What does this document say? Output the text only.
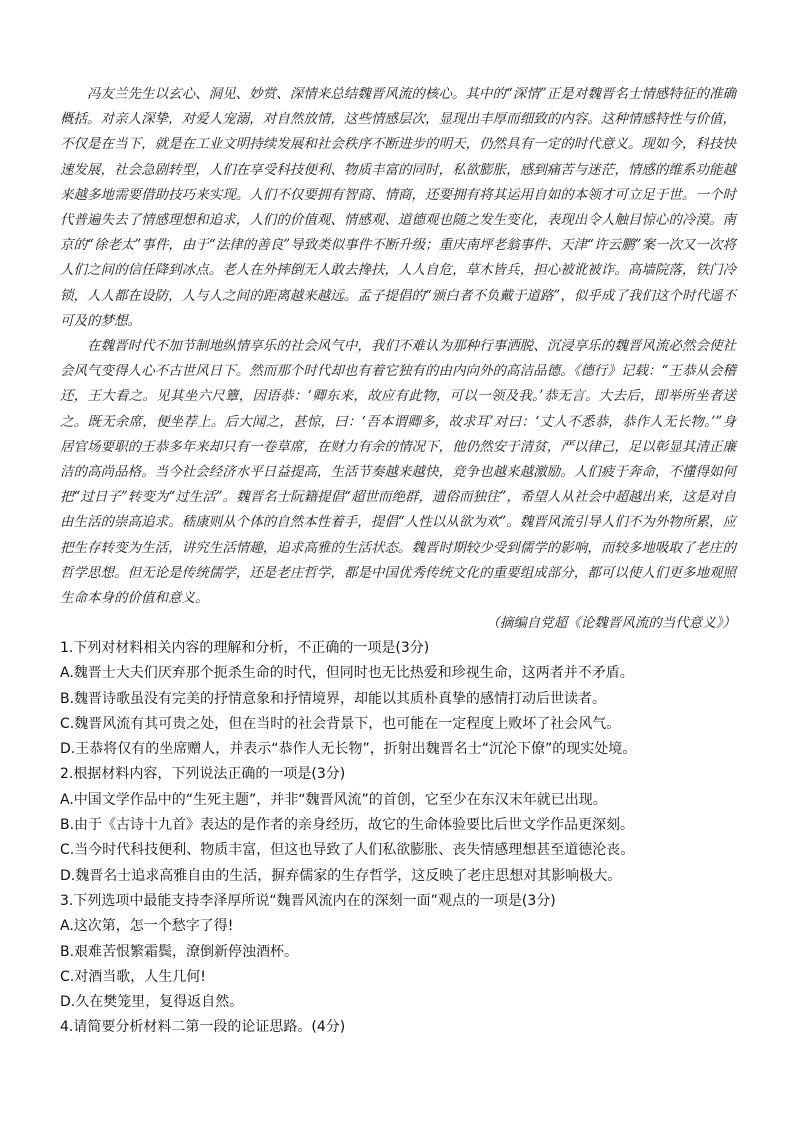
冯友兰先生以玄心、洞见、妙赏、深情来总结魏晋风流的核心。其中的“深情”正是对魏晋名士情感特征的准确概括。对亲人深挚，对爱人宠溺，对自然放情，这些情感层次，显现出丰厚而细致的内容。这种情感特性与价值，不仅是在当下，就是在工业文明持续发展和社会秩序不断进步的明天，仍然具有一定的时代意义。现如今，科技快速发展，社会急剧转型，人们在享受科技便利、物质丰富的同时，私欲膨胀，感到痛苦与迷茫，情感的维系功能越来越多地需要借助技巧来实现。人们不仅要拥有智商、情商，还要拥有将其运用自如的本领才可立足于世。一个时代普遍失去了情感理想和追求，人们的价值观、情感观、道德观也随之发生变化，表现出令人触目惊心的冷漠。南京的“徐老太”事件，由于“法律的善良”导致类似事件不断升级；重庆南坪老翁事件、天津“许云鹏”案一次又一次将人们之间的信任降到冰点。老人在外摔倒无人敢去搀扶，人人自危，草木皆兵，担心被讹被诈。高墙院落，铁门冷锁，人人都在设防，人与人之间的距离越来越远。孟子提倡的“颁白者不负戴于道路”，似乎成了我们这个时代遥不可及的梦想。

在魏晋时代不加节制地纵情享乐的社会风气中，我们不难认为那种行事洒脱、沉浸享乐的魏晋风流必然会使社会风气变得人心不古世风日下。然而那个时代却也有着它独有的由内向外的高洁品德。《德行》记载：“王恭从会稽还，王大看之。见其坐六尺簟，因语恭：‘卿东来，故应有此物，可以一领及我。’恭无言。大去后，即举所坐者送之。既无余席，便坐荐上。后大闻之，甚惊，曰：‘吾本谓卿多，故求耳’对曰：‘丈人不悉恭，恭作人无长物。’”身居官场要职的王恭多年来却只有一卷草席，在财力有余的情况下，他仍然安于清贫，严以律己，足以彰显其清正廉洁的高尚品格。当今社会经济水平日益提高，生活节奏越来越快，竞争也越来越激励。人们疲于奔命，不懂得如何把“过日子”转变为“过生活”。魏晋名士阮籍提倡“超世而绝群，遗俗而独往”，希望人从社会中超越出来，这是对自由生活的崇高追求。嵇康则从个体的自然本性着手，提倡“人性以从欲为欢”。魏晋风流引导人们不为外物所累，应把生存转变为生活，讲究生活情趣，追求高雅的生活状态。魏晋时期较少受到儒学的影响，而较多地吸取了老庄的哲学思想。但无论是传统儒学，还是老庄哲学，都是中国优秀传统文化的重要组成部分，都可以使人们更多地观照生命本身的价值和意义。

（摘编自党超《论魏晋风流的当代意义》）
1.下列对材料相关内容的理解和分析，不正确的一项是(3分)
A.魏晋士大夫们厌弃那个扼杀生命的时代，但同时也无比热爱和珍视生命，这两者并不矛盾。
B.魏晋诗歌虽没有完美的抒情意象和抒情境界，却能以其质朴真挚的感情打动后世读者。
C.魏晋风流有其可贵之处，但在当时的社会背景下，也可能在一定程度上败坏了社会风气。
D.王恭将仅有的坐席赠人，并表示“恭作人无长物”，折射出魏晋名士“沉沦下僚”的现实处境。
2.根据材料内容，下列说法正确的一项是(3分)
A.中国文学作品中的“生死主题”，并非“魏晋风流”的首创，它至少在东汉末年就已出现。
B.由于《古诗十九首》表达的是作者的亲身经历，故它的生命体验要比后世文学作品更深刻。
C.当今时代科技便利、物质丰富，但这也导致了人们私欲膨胀、丧失情感理想甚至道德沦丧。
D.魏晋名士追求高雅自由的生活，摒弃儒家的生存哲学，这反映了老庄思想对其影响极大。
3.下列选项中最能支持李泽厚所说“魏晋风流内在的深刻一面”观点的一项是(3分)
A.这次第，怎一个愁字了得!
B.艰难苦恨繁霜鬓，潦倒新停浊酒杯。
C.对酒当歌，人生几何!
D.久在樊笼里，复得返自然。
4.请简要分析材料二第一段的论证思路。(4分)
